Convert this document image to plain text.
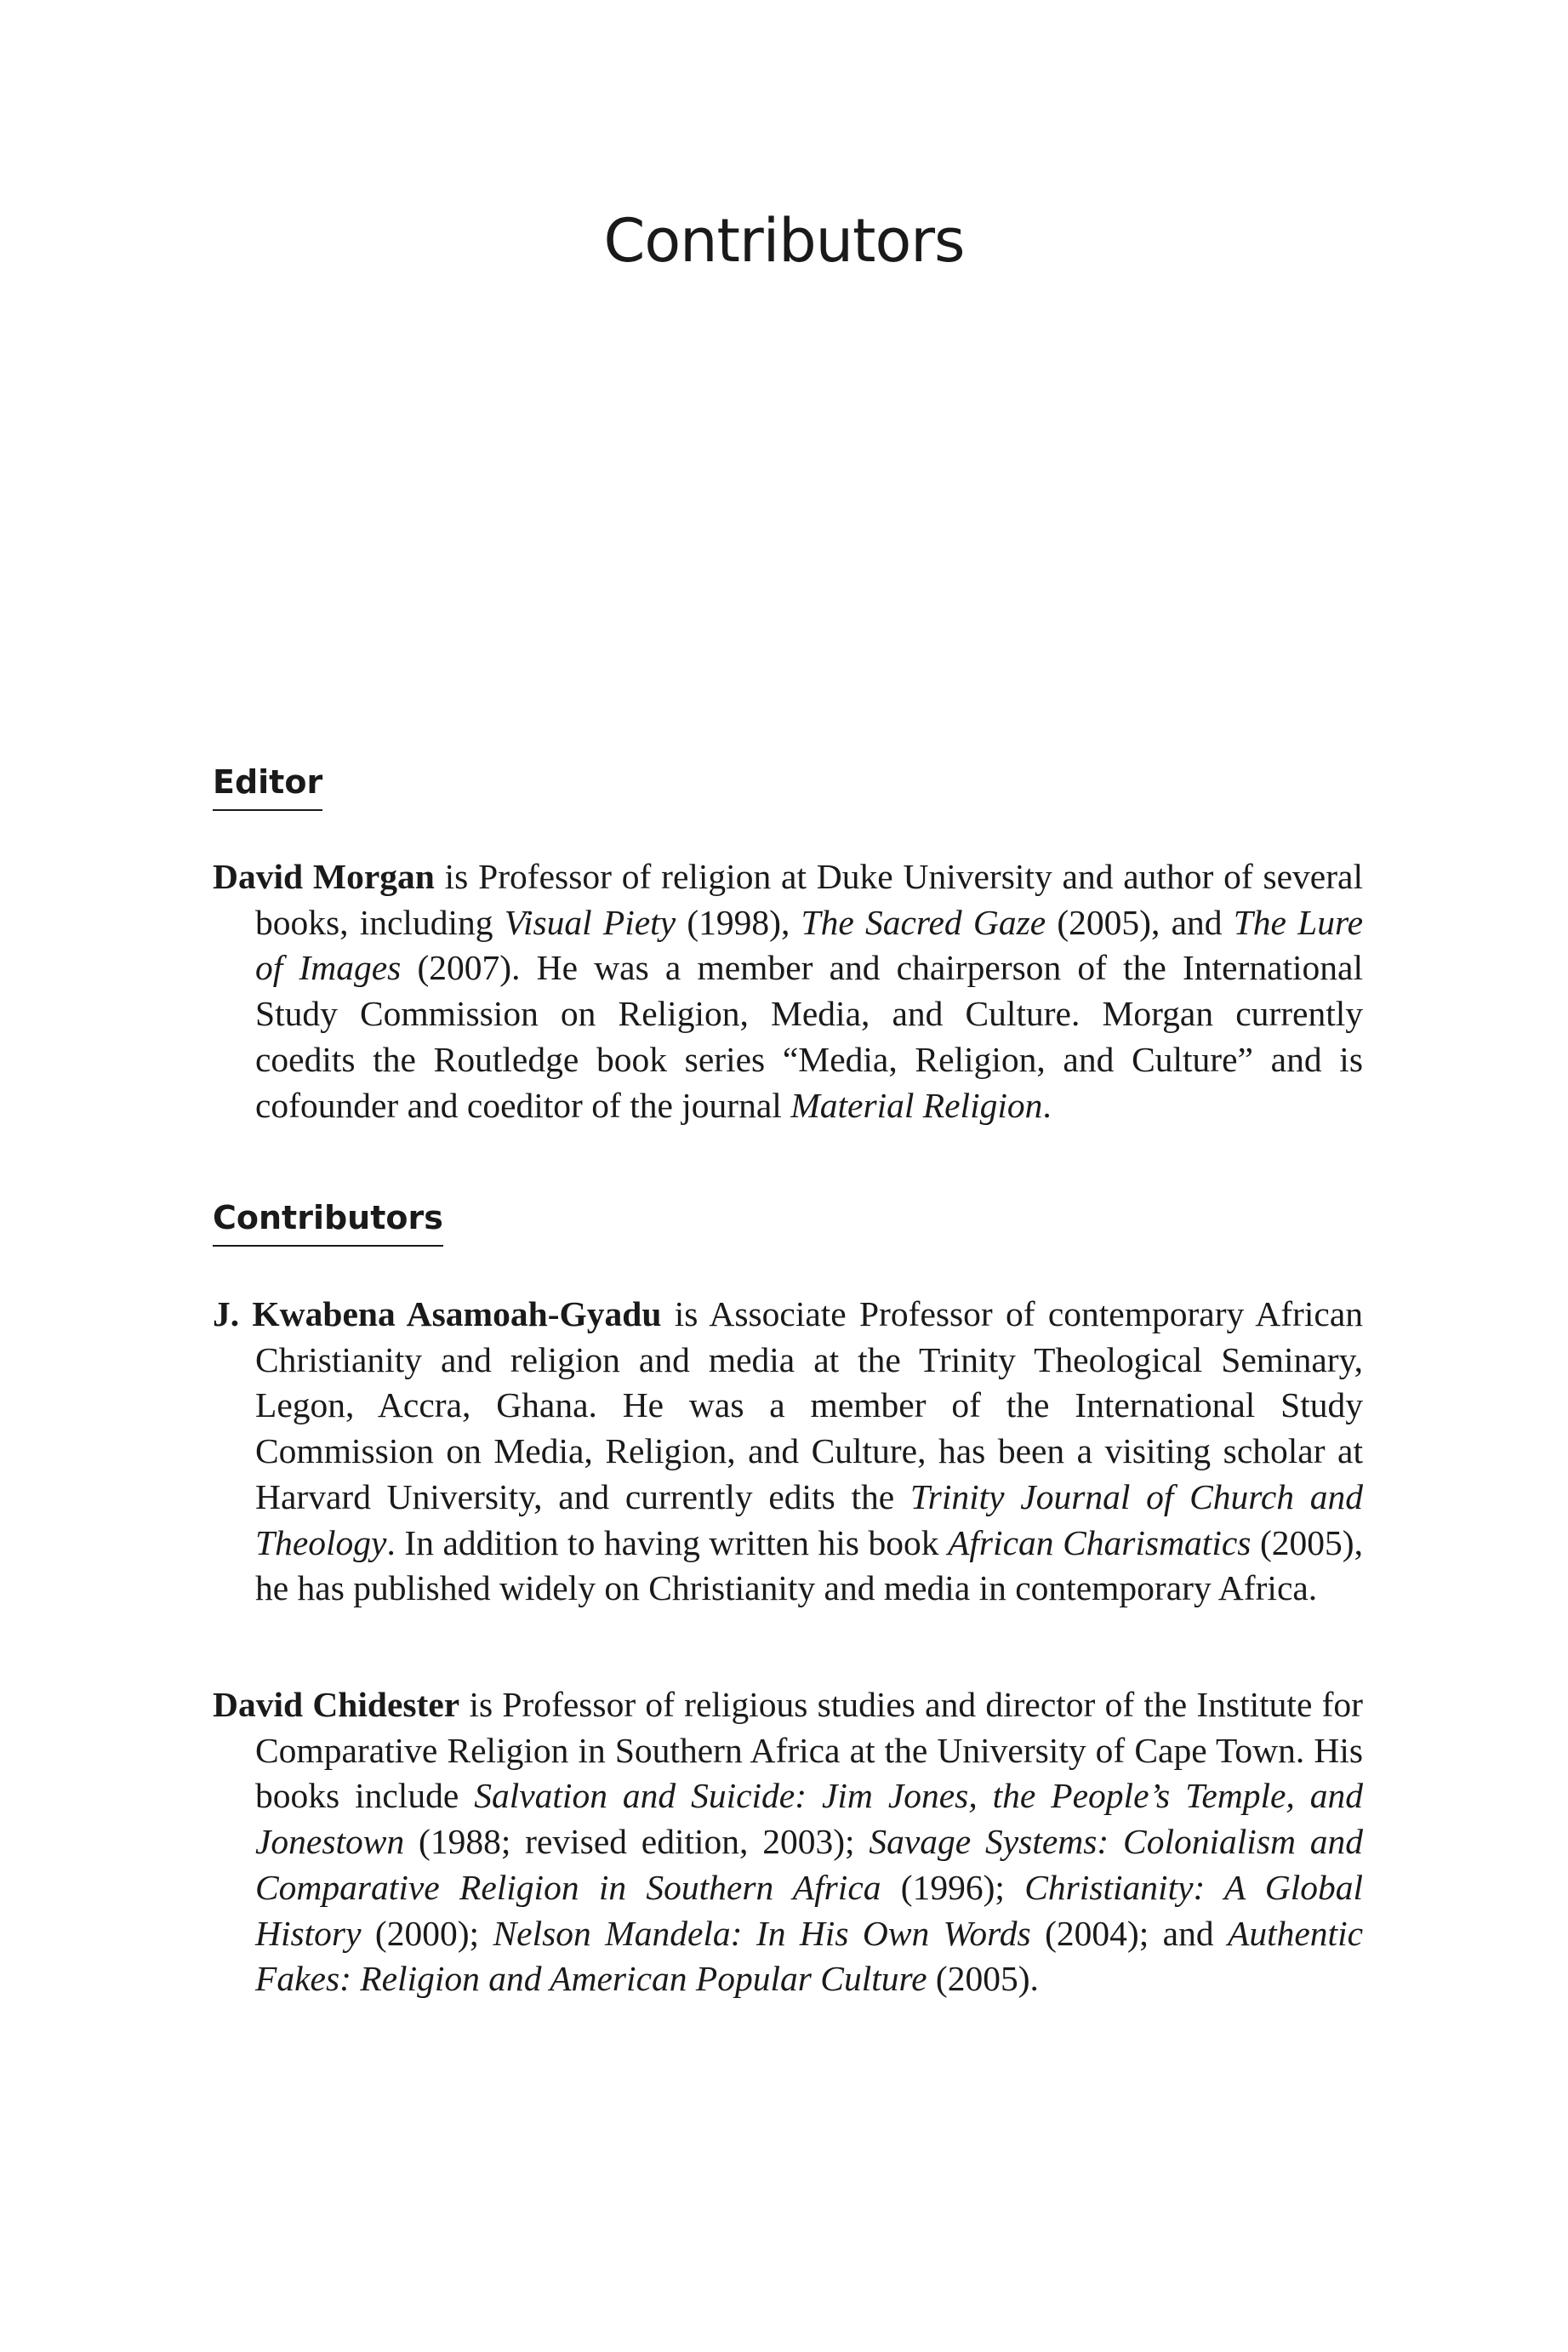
Contributors
Editor

David Morgan is Professor of religion at Duke University and author of several books, including Visual Piety (1998), The Sacred Gaze (2005), and The Lure of Images (2007). He was a member and chairperson of the International Study Commission on Religion, Media, and Culture. Morgan currently coedits the Routledge book series “Media, Religion, and Culture” and is cofounder and coeditor of the journal Material Religion.

Contributors

J. Kwabena Asamoah-Gyadu is Associate Professor of contemporary African Christianity and religion and media at the Trinity Theological Seminary, Legon, Accra, Ghana. He was a member of the International Study Commission on Media, Religion, and Culture, has been a visiting scholar at Harvard University, and currently edits the Trinity Journal of Church and Theology. In addition to having written his book African Charismatics (2005), he has published widely on Christianity and media in contemporary Africa.

David Chidester is Professor of religious studies and director of the Institute for Comparative Religion in Southern Africa at the University of Cape Town. His books include Salvation and Suicide: Jim Jones, the People’s Temple, and Jonestown (1988; revised edition, 2003); Savage Systems: Colonialism and Comparative Religion in Southern Africa (1996); Christianity: A Global History (2000); Nelson Mandela: In His Own Words (2004); and Authentic Fakes: Religion and American Popular Culture (2005).
